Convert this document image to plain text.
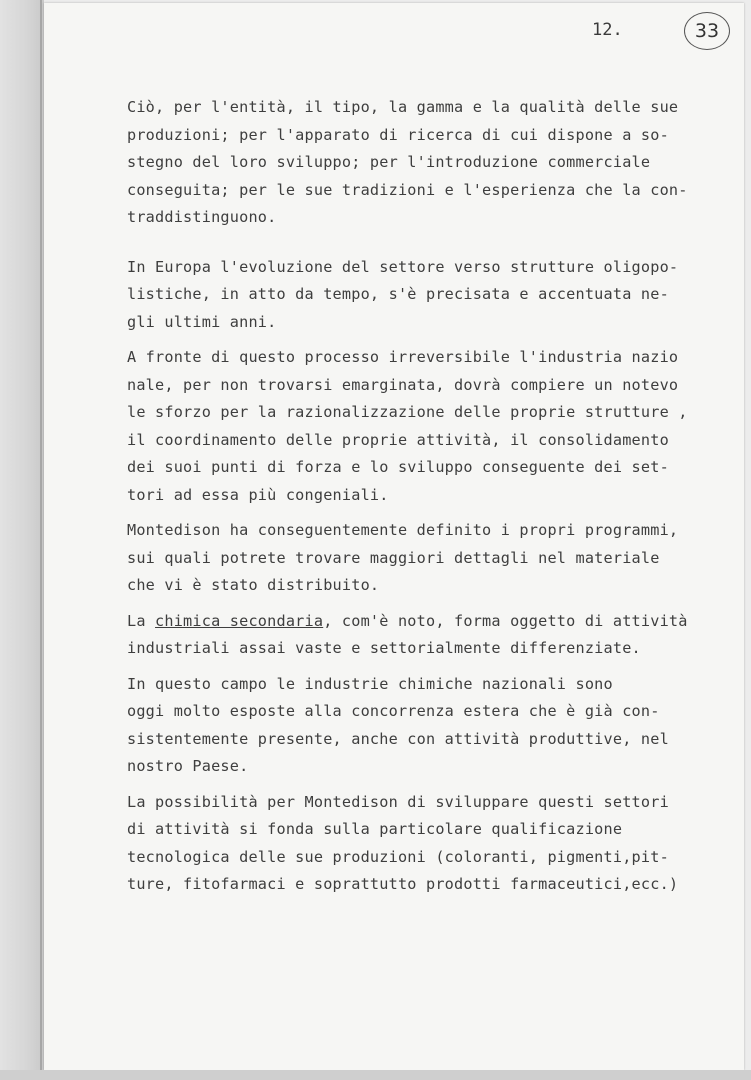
12.	33
Ciò, per l'entità, il tipo, la gamma e la qualità delle sue
produzioni; per l'apparato di ricerca di cui dispone a so-
stegno del loro sviluppo; per l'introduzione commerciale
conseguita; per le sue tradizioni e l'esperienza che la con-
traddistinguono.
In Europa l'evoluzione del settore verso strutture oligopo-
listiche, in atto da tempo, s'è precisata e accentuata ne-
gli ultimi anni.
A fronte di questo processo irreversibile l'industria nazio
nale, per non trovarsi emarginata, dovrà compiere un notevo
le sforzo per la razionalizzazione delle proprie strutture ,
il coordinamento delle proprie attività, il consolidamento
dei suoi punti di forza e lo sviluppo conseguente dei set-
tori ad essa più congeniali.
Montedison ha conseguentemente definito i propri programmi,
sui quali potrete trovare maggiori dettagli nel materiale
che vi è stato distribuito.
La chimica secondaria, com'è noto, forma oggetto di attività
industriali assai vaste e settorialmente differenziate.
In questo campo le industrie chimiche nazionali sono
oggi molto esposte alla concorrenza estera che è già con-
sistentemente presente, anche con attività produttive, nel
nostro Paese.
La possibilità per Montedison di sviluppare questi settori
di attività si fonda sulla particolare qualificazione
tecnologica delle sue produzioni (coloranti, pigmenti,pit-
ture, fitofarmaci e soprattutto prodotti farmaceutici,ecc.)
